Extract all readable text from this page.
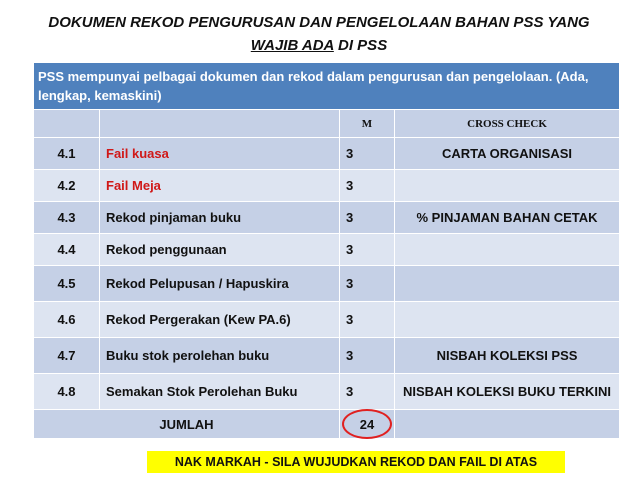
DOKUMEN REKOD PENGURUSAN DAN PENGELOLAAN BAHAN PSS YANG
WAJIB ADA DI PSS
PSS mempunyai pelbagai dokumen dan rekod dalam pengurusan dan pengelolaan. (Ada, lengkap, kemaskini)			
		M	CROSS CHECK
4.1	Fail kuasa	3	CARTA ORGANISASI
4.2	Fail Meja	3	
4.3	Rekod pinjaman buku	3	% PINJAMAN BAHAN CETAK
4.4	Rekod penggunaan	3	
4.5	Rekod Pelupusan / Hapuskira	3	
4.6	Rekod Pergerakan (Kew PA.6)	3	
4.7	Buku stok perolehan buku	3	NISBAH KOLEKSI PSS
4.8	Semakan Stok Perolehan Buku	3	NISBAH KOLEKSI BUKU TERKINI
JUMLAH		24	
NAK MARKAH - SILA WUJUDKAN REKOD DAN FAIL DI ATAS
